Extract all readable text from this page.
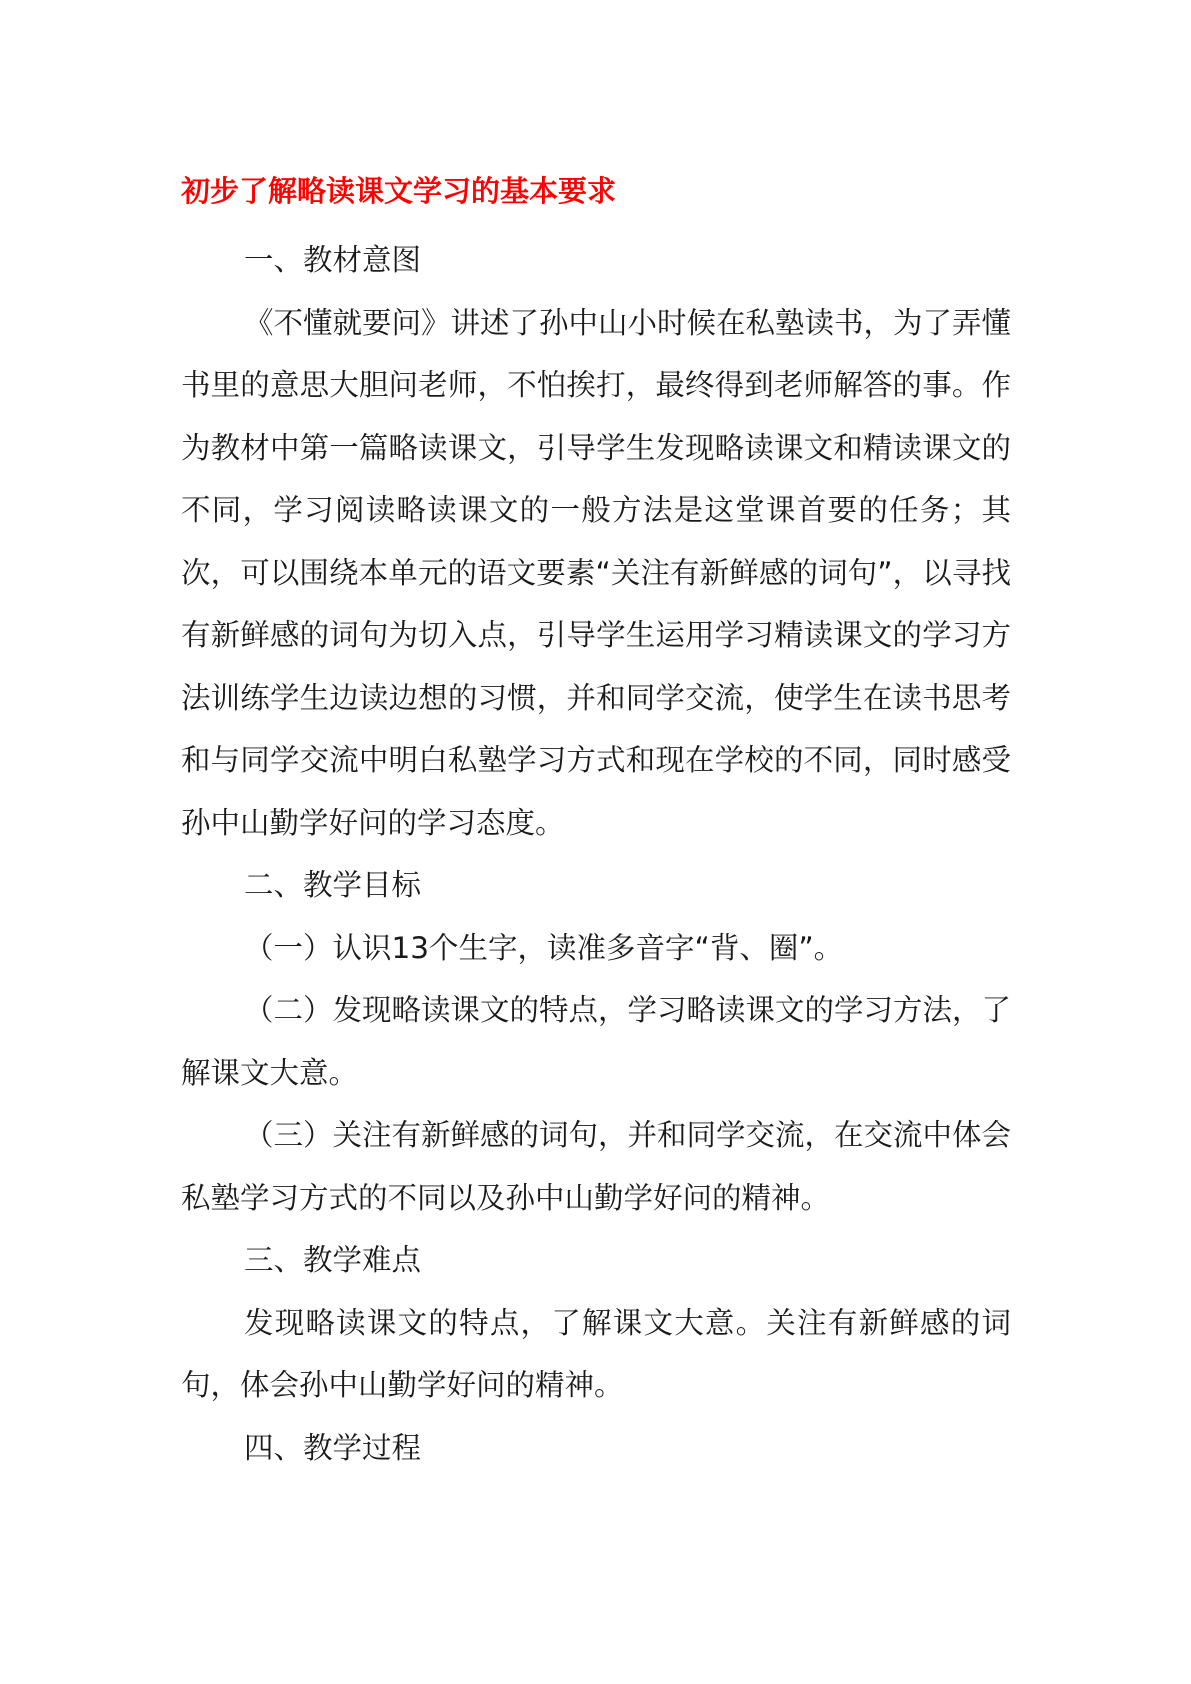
初步了解略读课文学习的基本要求

一、教材意图

《不懂就要问》讲述了孙中山小时候在私塾读书，为了弄懂书里的意思大胆问老师，不怕挨打，最终得到老师解答的事。作为教材中第一篇略读课文，引导学生发现略读课文和精读课文的不同，学习阅读略读课文的一般方法是这堂课首要的任务；其次，可以围绕本单元的语文要素“关注有新鲜感的词句”，以寻找有新鲜感的词句为切入点，引导学生运用学习精读课文的学习方法训练学生边读边想的习惯，并和同学交流，使学生在读书思考和与同学交流中明白私塾学习方式和现在学校的不同，同时感受孙中山勤学好问的学习态度。

二、教学目标

（一）认识13个生字，读准多音字“背、圈”。

（二）发现略读课文的特点，学习略读课文的学习方法，了解课文大意。

（三）关注有新鲜感的词句，并和同学交流，在交流中体会私塾学习方式的不同以及孙中山勤学好问的精神。

三、教学难点

发现略读课文的特点，了解课文大意。关注有新鲜感的词句，体会孙中山勤学好问的精神。

四、教学过程
